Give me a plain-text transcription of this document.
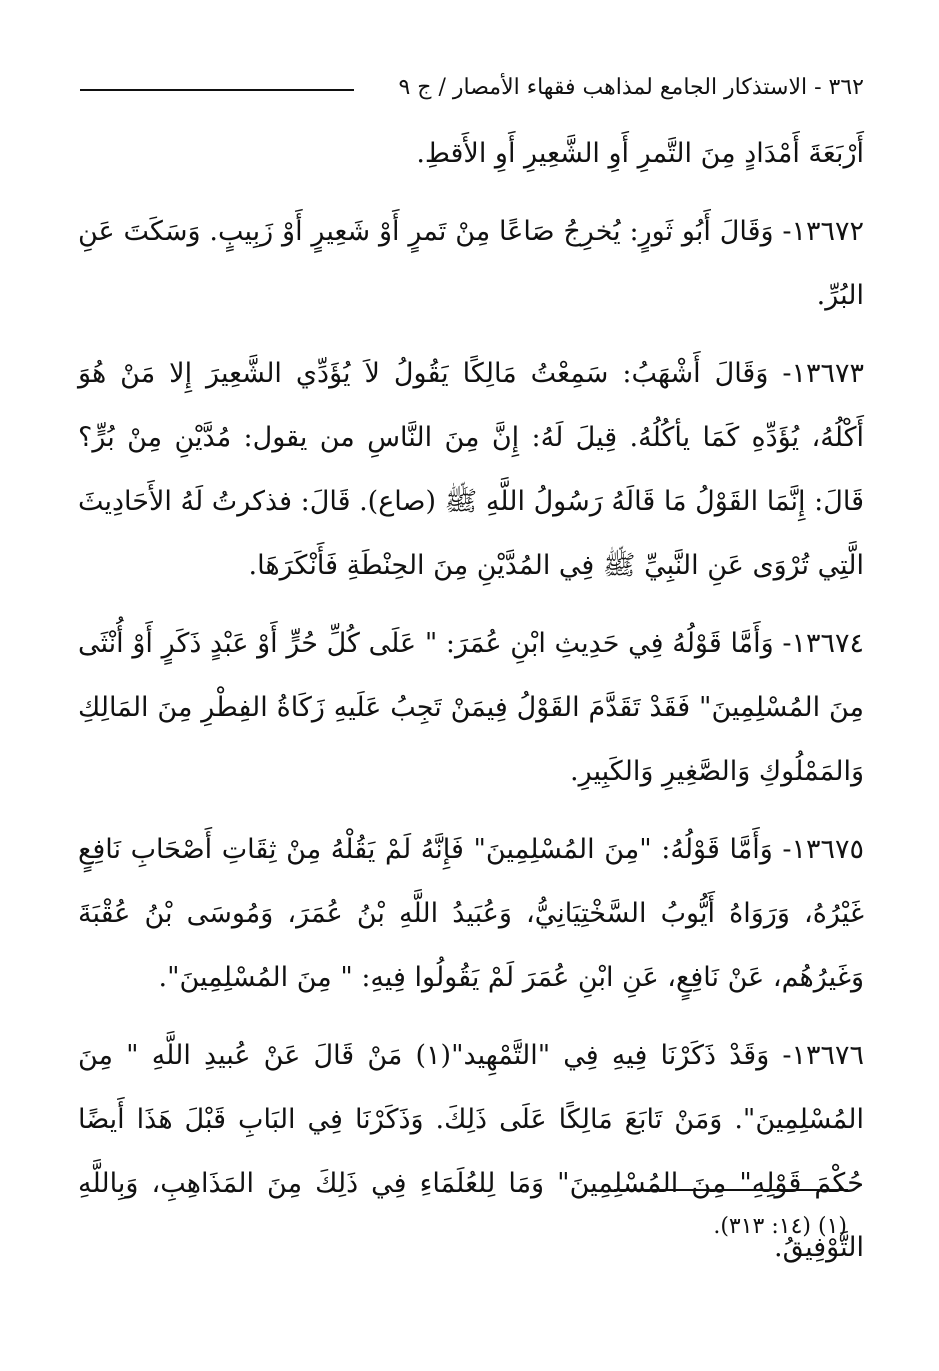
٣٦٢ - الاستذكار الجامع لمذاهب فقهاء الأمصار / ج ٩

أَرْبَعَةَ أَمْدَادٍ مِنَ التَّمرِ أَوِ الشَّعِيرِ أَوِ الأَقطِ.

١٣٦٧٢- وَقَالَ أَبُو ثَورٍ: يُخرِجُ صَاعًا مِنْ تَمرٍ أَوْ شَعِيرٍ أَوْ زَبِيبٍ. وَسَكَتَ عَنِ البُرِّ.

١٣٦٧٣- وَقَالَ أَشْهَبُ: سَمِعْتُ مَالِكًا يَقُولُ لاَ يُؤَدِّي الشَّعِيرَ إِلا مَنْ هُوَ أَكْلُهُ، يُؤَدِّهِ كَمَا يأكُلُهُ. قِيلَ لَهُ: إِنَّ مِنَ النَّاسِ من يقول: مُدَّيْنِ مِنْ بُرٍّ؟ قَالَ: إِنَّمَا القَوْلُ مَا قَالَهُ رَسُولُ اللَّهِ ﷺ (صاع). قَالَ: فذكرتُ لَهُ الأَحَادِيثَ الَّتِي تُرْوَى عَنِ النَّبِيِّ ﷺ فِي المُدَّيْنِ مِنَ الحِنْطَةِ فَأَنْكَرَهَا.

١٣٦٧٤- وَأَمَّا قَوْلُهُ فِي حَدِيثِ ابْنِ عُمَرَ: " عَلَى كُلِّ حُرٍّ أَوْ عَبْدٍ ذَكَرٍ أَوْ أُنْثَى مِنَ المُسْلِمِينَ" فَقَدْ تَقَدَّمَ القَوْلُ فِيمَنْ تَجِبُ عَلَيهِ زَكَاةُ الفِطْرِ مِنَ المَالِكِ وَالمَمْلُوكِ وَالصَّغِيرِ وَالكَبِيرِ.

١٣٦٧٥- وَأَمَّا قَوْلُهُ: "مِنَ المُسْلِمِينَ" فَإِنَّهُ لَمْ يَقُلْهُ مِنْ ثِقَاتِ أَصْحَابِ نَافِعٍ غَيْرُهُ، وَرَوَاهُ أَيُّوبُ السَّخْتِيَانِيُّ، وَعُبَيدُ اللَّهِ بْنُ عُمَرَ، وَمُوسَى بْنُ عُقْبَةَ وَغَيرُهُم، عَنْ نَافِعٍ، عَنِ ابْنِ عُمَرَ لَمْ يَقُولُوا فِيهِ: " مِنَ المُسْلِمِينَ".

١٣٦٧٦- وَقَدْ ذَكَرْنَا فِيهِ فِي "التَّمْهِيد"(١) مَنْ قَالَ عَنْ عُبيدِ اللَّهِ " مِنَ المُسْلِمِينَ". وَمَنْ تَابَعَ مَالِكًا عَلَى ذَلِكَ. وَذَكَرْنَا فِي البَابِ قَبْلَ هَذَا أَيضًا حُكْمَ قَوْلِهِ" مِنَ المُسْلِمِينَ" وَمَا لِلعُلَمَاءِ فِي ذَلِكَ مِنَ المَذَاهِبِ، وَبِاللَّهِ التَّوْفِيقُ.

(١) (١٤: ٣١٣).
